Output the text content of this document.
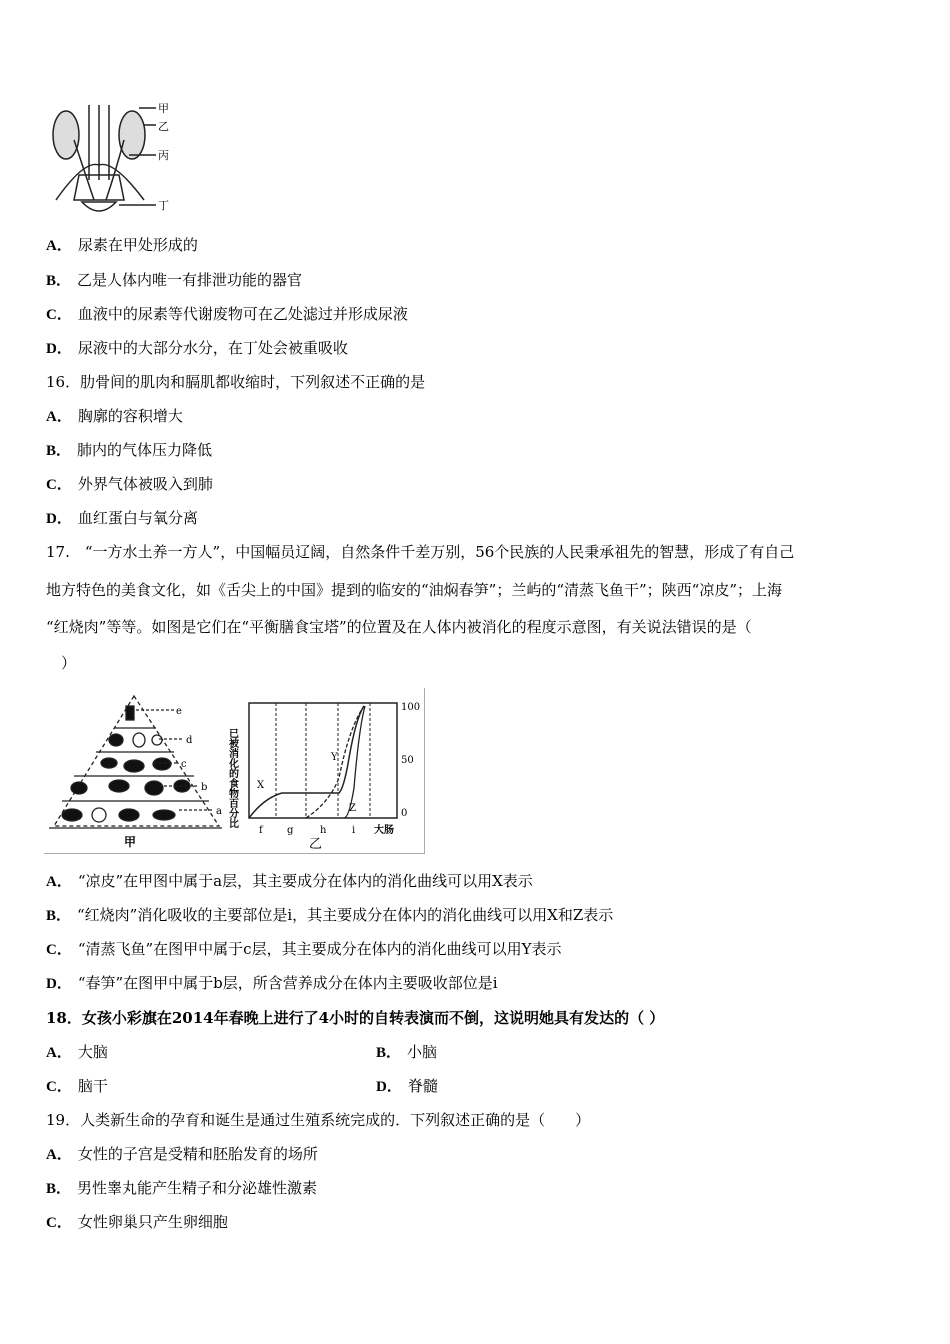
甲
乙
丙
丁
A． 尿素在甲处形成的
B． 乙是人体内唯一有排泄功能的器官
C． 血液中的尿素等代谢废物可在乙处滤过并形成尿液
D． 尿液中的大部分水分，在丁处会被重吸收
16．肋骨间的肌肉和膈肌都收缩时，下列叙述不正确的是
A． 胸廓的容积增大
B． 肺内的气体压力降低
C． 外界气体被吸入到肺
D． 血红蛋白与氧分离
17.　“一方水土养一方人”，中国幅员辽阔，自然条件千差万别，56个民族的人民秉承祖先的智慧，形成了有自己
地方特色的美食文化，如《舌尖上的中国》提到的临安的“油焖春笋”；兰屿的“清蒸飞鱼干”；陕西“凉皮”；上海
“红烧肉”等等。如图是它们在“平衡膳食宝塔”的位置及在人体内被消化的程度示意图，有关说法错误的是（
　）
e
d
c
b
a
甲
已被消化的食物百分比
100
50
0
f g	h	i 大肠
X
Y
Z
乙
A． “凉皮”在甲图中属于a层，其主要成分在体内的消化曲线可以用X表示
B． “红烧肉”消化吸收的主要部位是i，其主要成分在体内的消化曲线可以用X和Z表示
C． “清蒸飞鱼”在图甲中属于c层，其主要成分在体内的消化曲线可以用Y表示
D． “春笋”在图甲中属于b层，所含营养成分在体内主要吸收部位是i
18．女孩小彩旗在2014年春晚上进行了4小时的自转表演而不倒，这说明她具有发达的（ ）
A． 大脑	B． 小脑
C． 脑干	D． 脊髓
19．人类新生命的孕育和诞生是通过生殖系统完成的．下列叙述正确的是（　　）
A． 女性的子宫是受精和胚胎发育的场所
B． 男性睾丸能产生精子和分泌雄性激素
C． 女性卵巢只产生卵细胞
